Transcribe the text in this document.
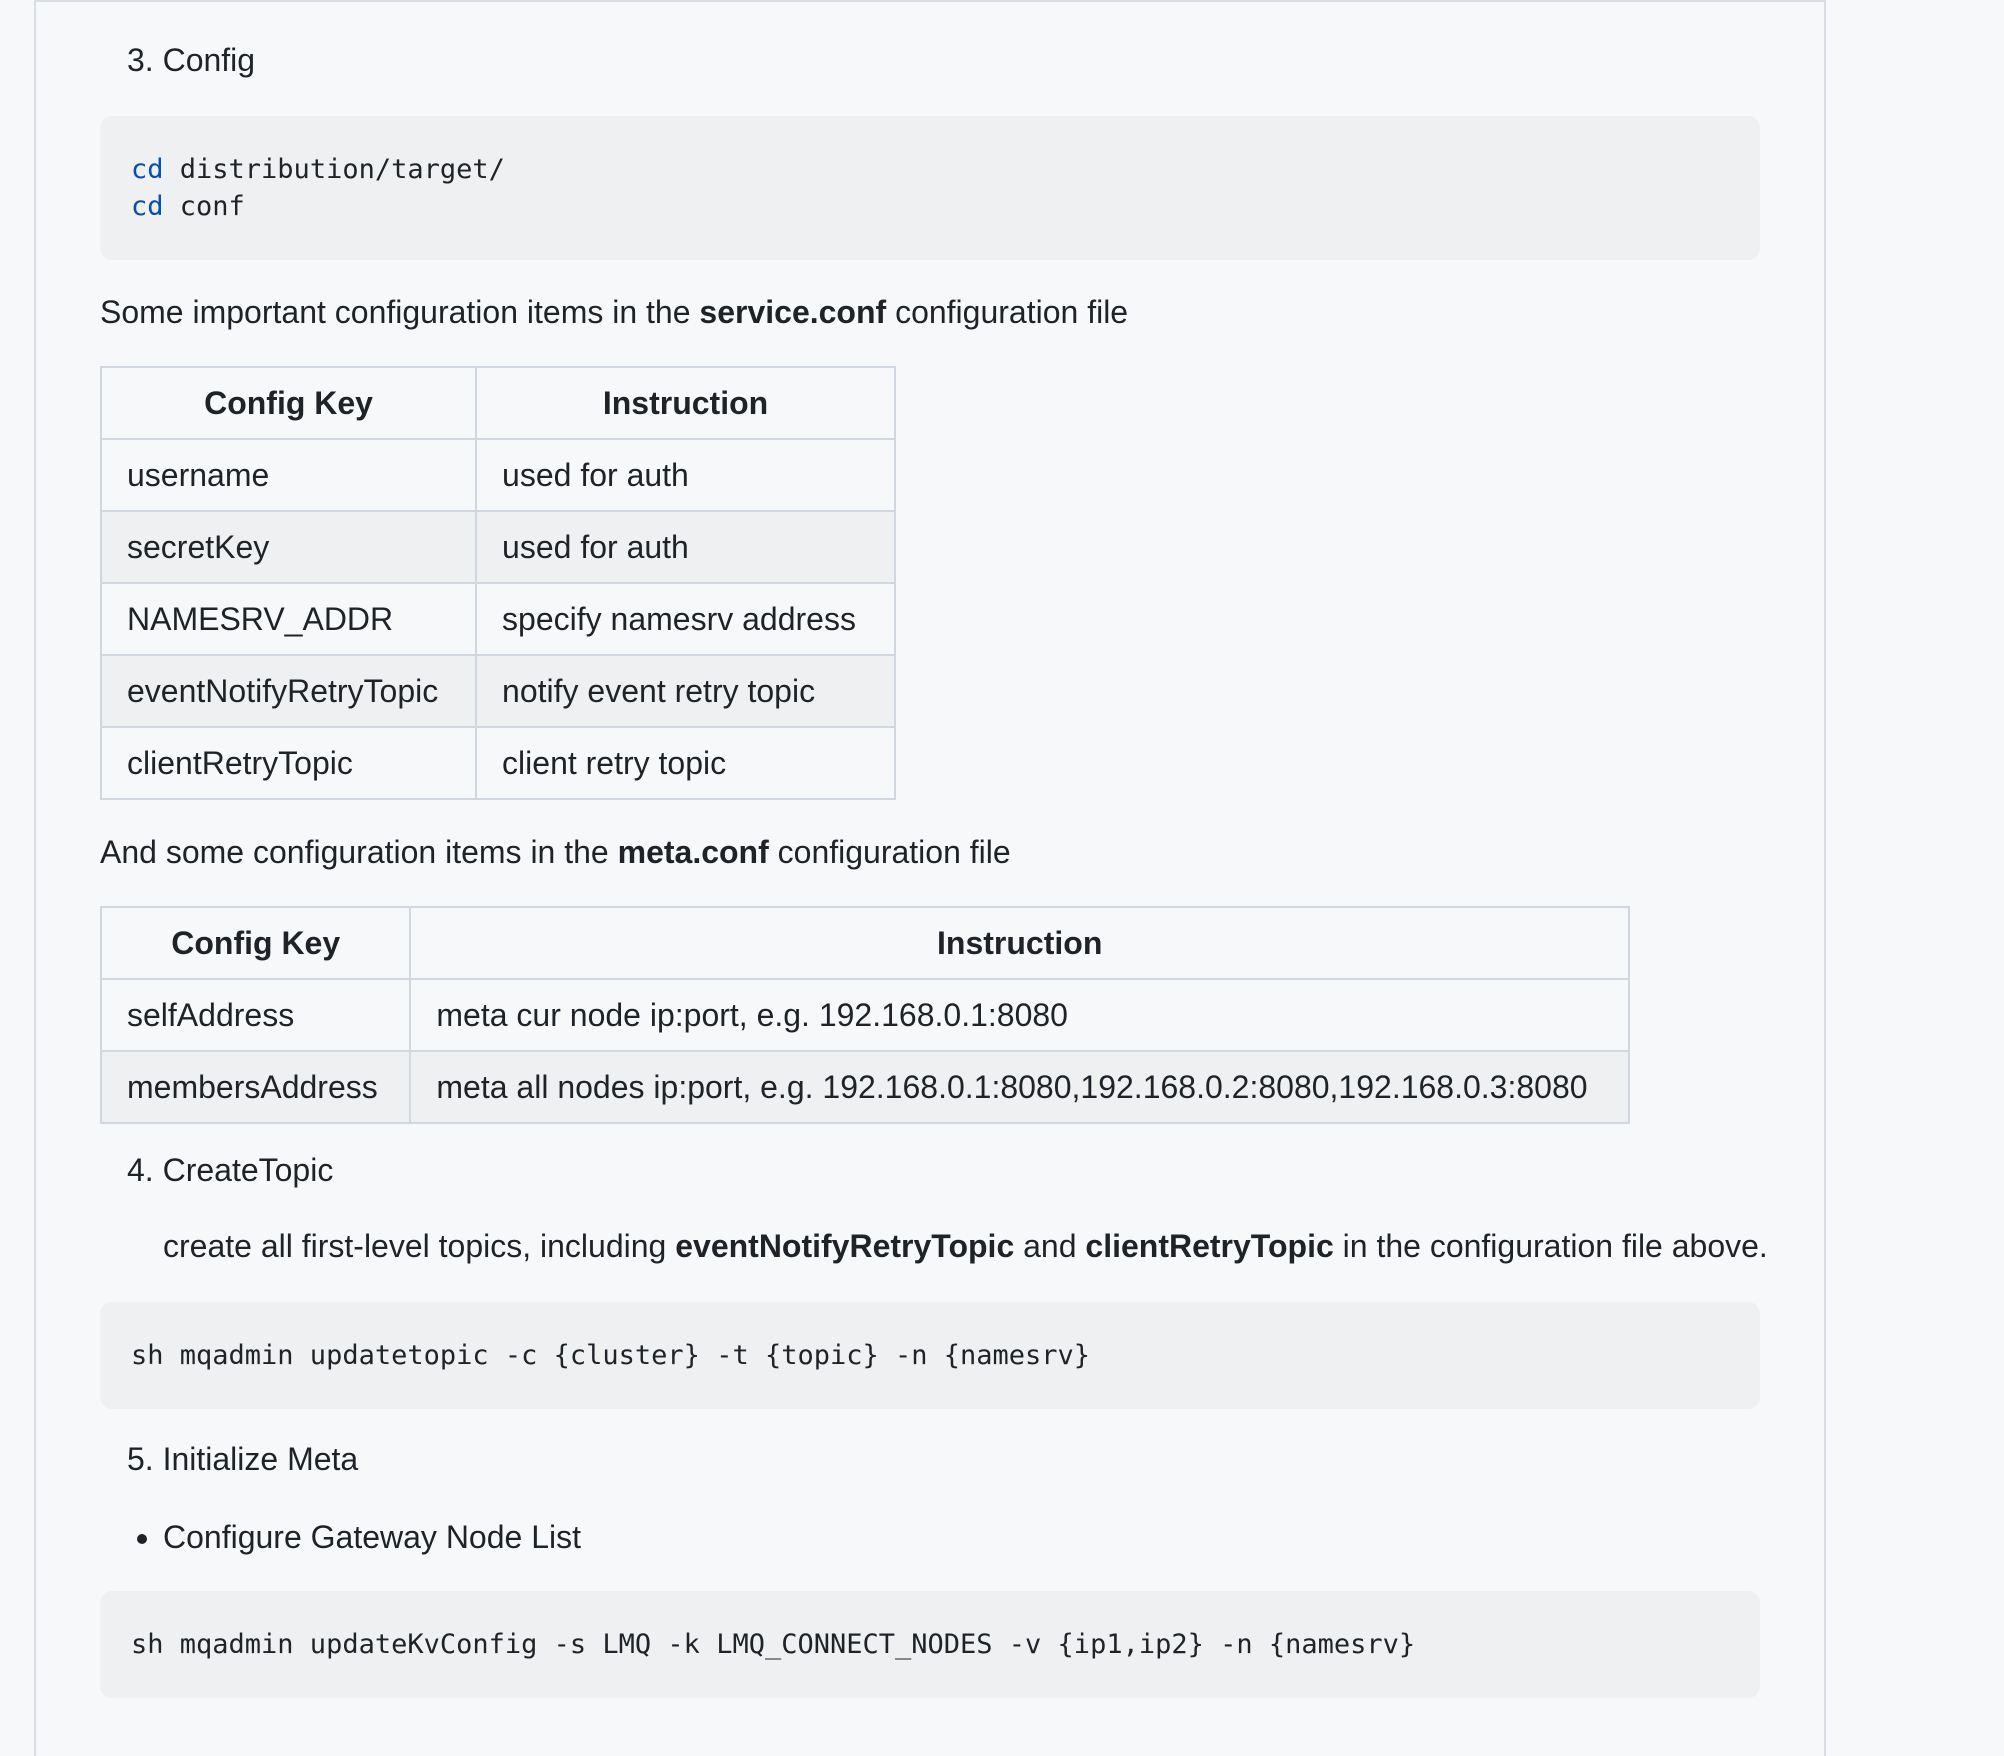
3. Config
cd distribution/target/
cd conf

Some important configuration items in the service.conf configuration file

Config Key	Instruction
username	used for auth
secretKey	used for auth
NAMESRV_ADDR	specify namesrv address
eventNotifyRetryTopic	notify event retry topic
clientRetryTopic	client retry topic

And some configuration items in the meta.conf configuration file

Config Key	Instruction
selfAddress	meta cur node ip:port, e.g. 192.168.0.1:8080
membersAddress	meta all nodes ip:port, e.g. 192.168.0.1:8080,192.168.0.2:8080,192.168.0.3:8080
4. CreateTopic
create all first-level topics, including eventNotifyRetryTopic and clientRetryTopic in the configuration file above.
sh mqadmin updatetopic -c {cluster} -t {topic} -n {namesrv}
5. Initialize Meta
• Configure Gateway Node List
sh mqadmin updateKvConfig -s LMQ -k LMQ_CONNECT_NODES -v {ip1,ip2} -n {namesrv}
